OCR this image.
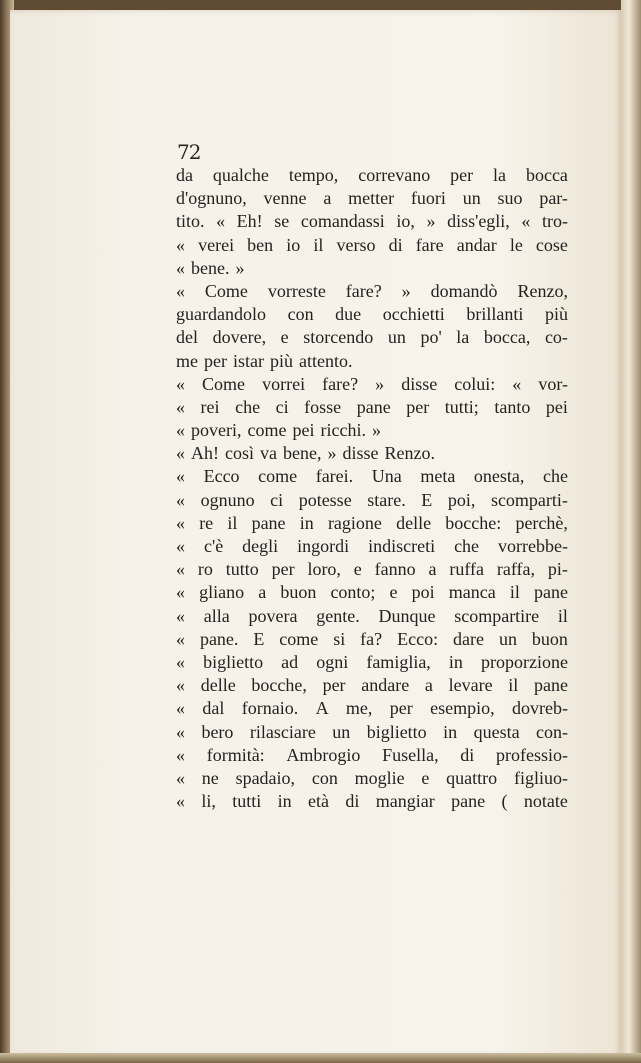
72
da qualche tempo, correvano per la bocca
d'ognuno, venne a metter fuori un suo par-
tito. « Eh! se comandassi io, » diss'egli, « tro-
« verei ben io il verso di fare andar le cose
« bene. »
« Come vorreste fare? » domandò Renzo,
guardandolo con due occhietti brillanti più
del dovere, e storcendo un po' la bocca, co-
me per istar più attento.
« Come vorrei fare? » disse colui: « vor-
« rei che ci fosse pane per tutti; tanto pei
« poveri, come pei ricchi. »
« Ah! così va bene, » disse Renzo.
« Ecco come farei. Una meta onesta, che
« ognuno ci potesse stare. E poi, scomparti-
« re il pane in ragione delle bocche: perchè,
« c'è degli ingordi indiscreti che vorrebbe-
« ro tutto per loro, e fanno a ruffa raffa, pi-
« gliano a buon conto; e poi manca il pane
« alla povera gente. Dunque scompartire il
« pane. E come si fa? Ecco: dare un buon
« biglietto ad ogni famiglia, in proporzione
« delle bocche, per andare a levare il pane
« dal fornaio. A me, per esempio, dovreb-
« bero rilasciare un biglietto in questa con-
« formità: Ambrogio Fusella, di professio-
« ne spadaio, con moglie e quattro figliuo-
« li, tutti in età di mangiar pane ( notate
